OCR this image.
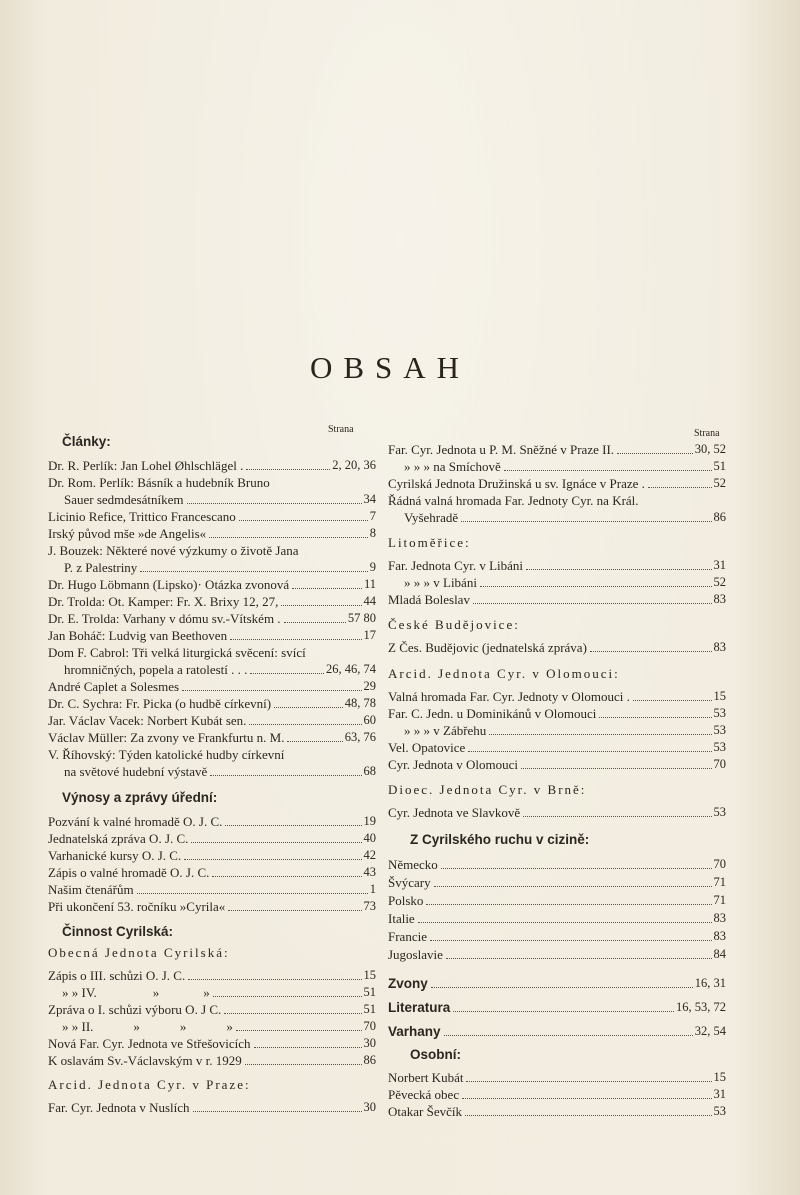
OBSAH
Strana
Články:
Dr. R. Perlík: Jan Lohel Øhlschlägel .	2, 20, 36
Dr. Rom. Perlík: Básník a hudebník Bruno
Sauer sedmdesátníkem	34
Licinio Refice, Trittico Francescano	7
Irský původ mše »de Angelis«	8
J. Bouzek: Některé nové výzkumy o životě Jana
P. z Palestriny	9
Dr. Hugo Löbmann (Lipsko)· Otázka zvonová	11
Dr. Trolda: Ot. Kamper: Fr. X. Brixy 12, 27,	44
Dr. E. Trolda: Varhany v dómu sv.-Vítském .	57 80
Jan Boháč: Ludvig van Beethoven	17
Dom F. Cabrol: Tři velká liturgická svěcení: svící
hromničných, popela a ratolestí . . .	26, 46, 74
André Caplet a Solesmes	29
Dr. C. Sychra: Fr. Picka (o hudbě církevní)	48, 78
Jar. Václav Vacek: Norbert Kubát sen.	60
Václav Müller: Za zvony ve Frankfurtu n. M.	63, 76
V. Říhovský: Týden katolické hudby církevní
na světové hudební výstavě	68
Výnosy a zprávy úřední:
Pozvání k valné hromadě O. J. C.	19
Jednatelská zpráva O. J. C.	40
Varhanické kursy O. J. C.	42
Zápis o valné hromadě O. J. C.	43
Našim čtenářům	1
Při ukončení 53. ročníku »Cyrila«	73
Činnost Cyrilská:
Obecná Jednota Cyrilská:
Zápis o III. schůzi O. J. C.	15
» » IV.	»	»	51
Zpráva o I. schůzi výboru O. J C.	51
» » II.	»	»	»	70
Nová Far. Cyr. Jednota ve Střešovicích	30
K oslavám Sv.-Václavským v r. 1929	86
Arcid. Jednota Cyr. v Praze:
Far. Cyr. Jednota v Nuslích	30
Strana
Far. Cyr. Jednota u P. M. Sněžné v Praze II.	30, 52
» » » na Smíchově	51
Cyrilská Jednota Družinská u sv. Ignáce v Praze .	52
Řádná valná hromada Far. Jednoty Cyr. na Král.
Vyšehradě	86
Litoměřice:
Far. Jednota Cyr. v Libáni	31
» » » v Libáni	52
Mladá Boleslav	83
České Budějovice:
Z Čes. Budějovic (jednatelská zpráva)	83
Arcid. Jednota Cyr. v Olomouci:
Valná hromada Far. Cyr. Jednoty v Olomouci .	15
Far. C. Jedn. u Dominikánů v Olomouci	53
» » » v Zábřehu	53
Vel. Opatovice	53
Cyr. Jednota v Olomouci	70
Dioec. Jednota Cyr. v Brně:
Cyr. Jednota ve Slavkově	53
Z Cyrilského ruchu v cizině:
Německo	70
Švýcary	71
Polsko	71
Italie	83
Francie	83
Jugoslavie	84
Zvony	16, 31
Literatura	16, 53, 72
Varhany	32, 54
Osobní:
Norbert Kubát	15
Pěvecká obec	31
Otakar Ševčík	53
